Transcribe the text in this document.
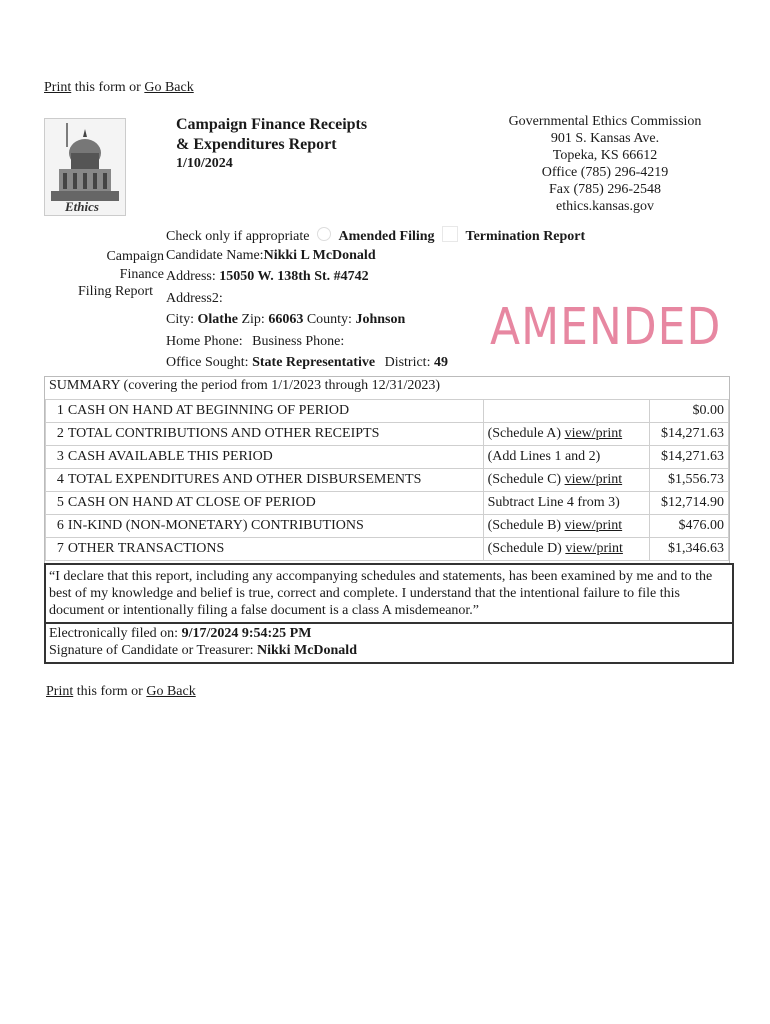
Print this form or Go Back
Ethics
Campaign Finance Receipts
& Expenditures Report
1/10/2024
Governmental Ethics Commission
901 S. Kansas Ave.
Topeka, KS 66612
Office (785) 296-4219
Fax (785) 296-2548
ethics.kansas.gov
Check only if appropriate Amended Filing Termination Report
Campaign
Finance
Filing Report
Candidate Name:Nikki L McDonald
Address: 15050 W. 138th St. #4742
Address2:
City: Olathe Zip: 66063 County: Johnson
Home Phone: Business Phone:
Office Sought: State Representative District: 49
AMENDED
SUMMARY (covering the period from 1/1/2023 through 12/31/2023)
1	CASH ON HAND AT BEGINNING OF PERIOD		$0.00
2	TOTAL CONTRIBUTIONS AND OTHER RECEIPTS	(Schedule A) view/print	$14,271.63
3	CASH AVAILABLE THIS PERIOD	(Add Lines 1 and 2)	$14,271.63
4	TOTAL EXPENDITURES AND OTHER DISBURSEMENTS	(Schedule C) view/print	$1,556.73
5	CASH ON HAND AT CLOSE OF PERIOD	Subtract Line 4 from 3)	$12,714.90
6	IN-KIND (NON-MONETARY) CONTRIBUTIONS	(Schedule B) view/print	$476.00
7	OTHER TRANSACTIONS	(Schedule D) view/print	$1,346.63
“I declare that this report, including any accompanying schedules and statements, has been examined by me and to the best of my knowledge and belief is true, correct and complete. I understand that the intentional failure to file this document or intentionally filing a false document is a class A misdemeanor.”
Electronically filed on: 9/17/2024 9:54:25 PM
Signature of Candidate or Treasurer: Nikki McDonald
Print this form or Go Back
